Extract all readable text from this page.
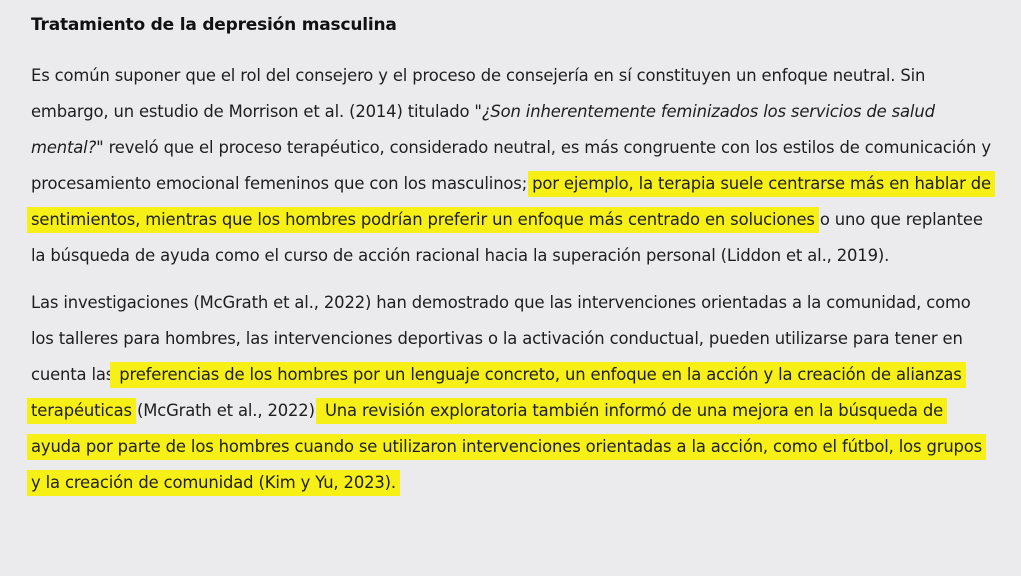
Tratamiento de la depresión masculina

Es común suponer que el rol del consejero y el proceso de consejería en sí constituyen un enfoque neutral. Sin embargo, un estudio de Morrison et al. (2014) titulado "¿Son inherentemente feminizados los servicios de salud mental?" reveló que el proceso terapéutico, considerado neutral, es más congruente con los estilos de comunicación y procesamiento emocional femeninos que con los masculinos; por ejemplo, la terapia suele centrarse más en hablar de sentimientos, mientras que los hombres podrían preferir un enfoque más centrado en soluciones o uno que replantee la búsqueda de ayuda como el curso de acción racional hacia la superación personal (Liddon et al., 2019).

Las investigaciones (McGrath et al., 2022) han demostrado que las intervenciones orientadas a la comunidad, como los talleres para hombres, las intervenciones deportivas o la activación conductual, pueden utilizarse para tener en cuenta las preferencias de los hombres por un lenguaje concreto, un enfoque en la acción y la creación de alianzas terapéuticas (McGrath et al., 2022). Una revisión exploratoria también informó de una mejora en la búsqueda de ayuda por parte de los hombres cuando se utilizaron intervenciones orientadas a la acción, como el fútbol, los grupos y la creación de comunidad (Kim y Yu, 2023).
